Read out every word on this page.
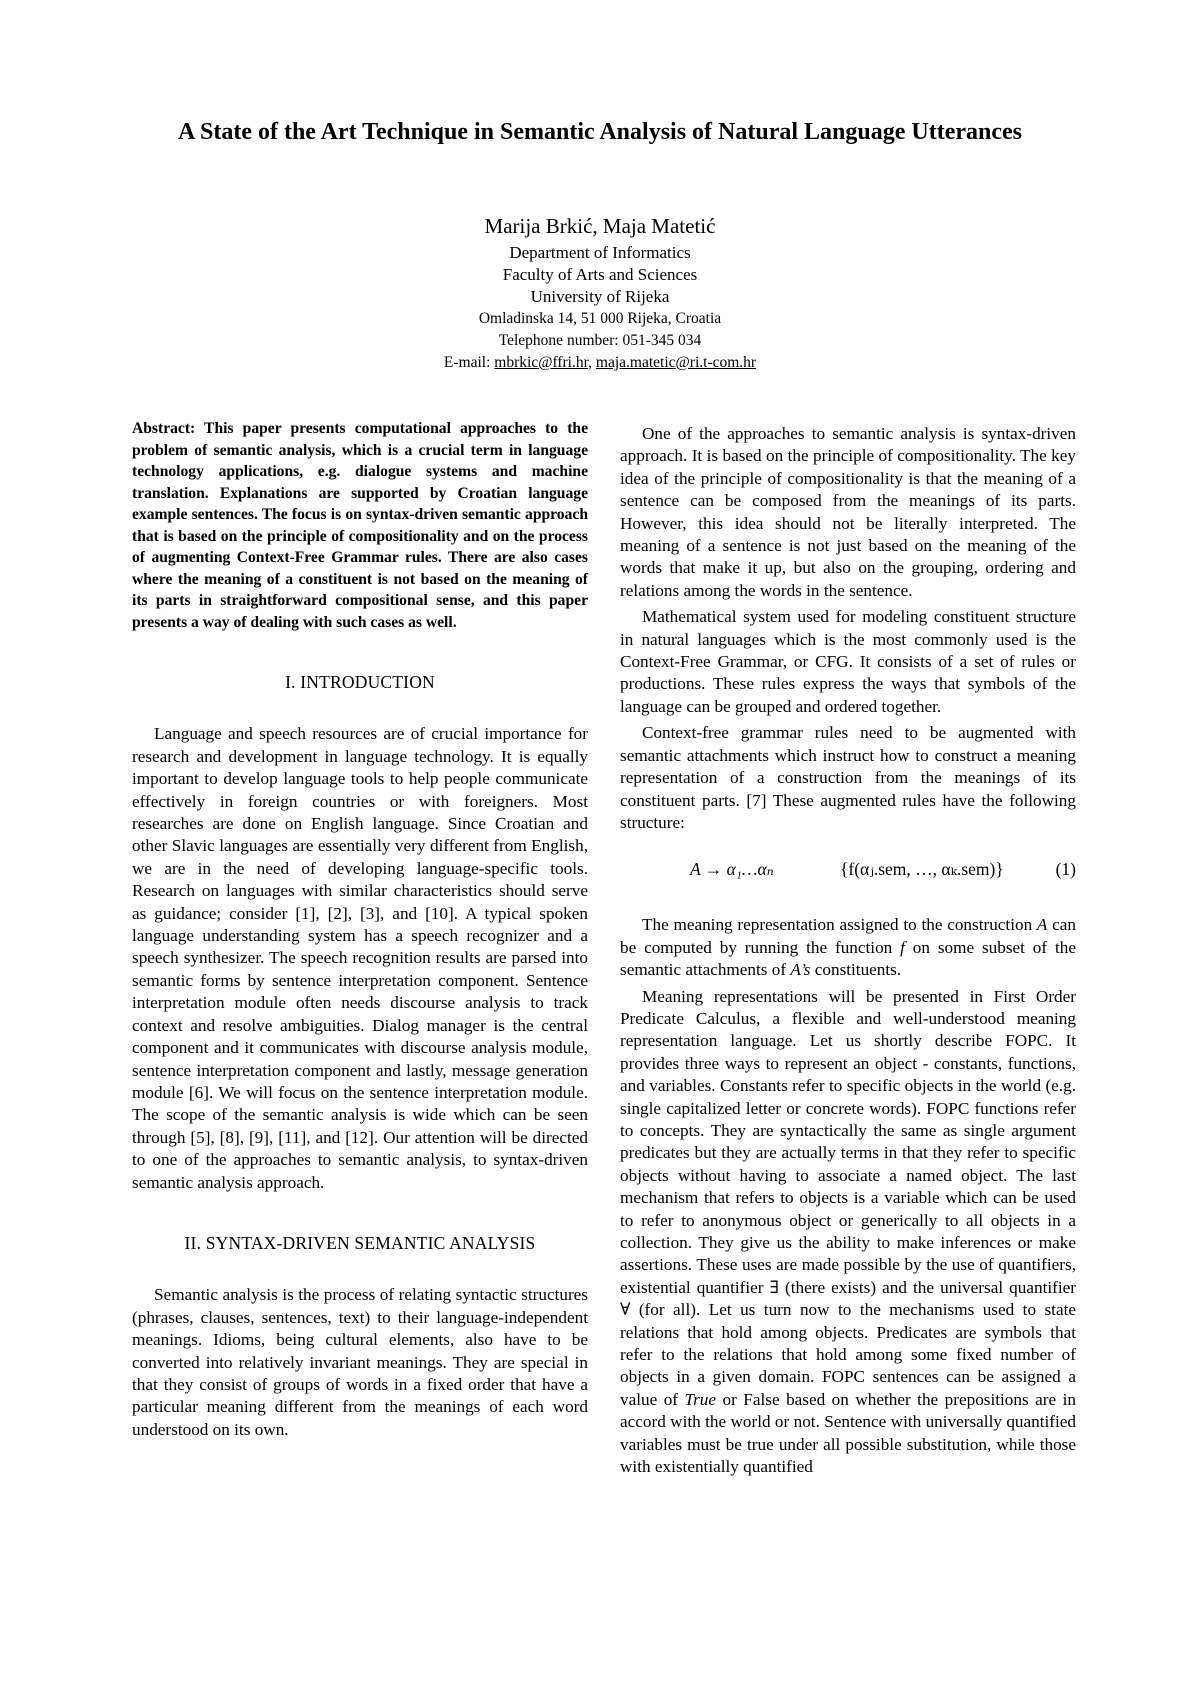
A State of the Art Technique in Semantic Analysis of Natural Language Utterances

Marija Brkić, Maja Matetić

Department of Informatics

Faculty of Arts and Sciences

University of Rijeka

Omladinska 14, 51 000 Rijeka, Croatia

Telephone number: 051-345 034

E-mail: mbrkic@ffri.hr, maja.matetic@ri.t-com.hr

Abstract: This paper presents computational approaches to the problem of semantic analysis, which is a crucial term in language technology applications, e.g. dialogue systems and machine translation. Explanations are supported by Croatian language example sentences. The focus is on syntax-driven semantic approach that is based on the principle of compositionality and on the process of augmenting Context-Free Grammar rules. There are also cases where the meaning of a constituent is not based on the meaning of its parts in straightforward compositional sense, and this paper presents a way of dealing with such cases as well.

I. INTRODUCTION

Language and speech resources are of crucial importance for research and development in language technology. It is equally important to develop language tools to help people communicate effectively in foreign countries or with foreigners. Most researches are done on English language. Since Croatian and other Slavic languages are essentially very different from English, we are in the need of developing language-specific tools. Research on languages with similar characteristics should serve as guidance; consider [1], [2], [3], and [10]. A typical spoken language understanding system has a speech recognizer and a speech synthesizer. The speech recognition results are parsed into semantic forms by sentence interpretation component. Sentence interpretation module often needs discourse analysis to track context and resolve ambiguities. Dialog manager is the central component and it communicates with discourse analysis module, sentence interpretation component and lastly, message generation module [6]. We will focus on the sentence interpretation module. The scope of the semantic analysis is wide which can be seen through [5], [8], [9], [11], and [12]. Our attention will be directed to one of the approaches to semantic analysis, to syntax-driven semantic analysis approach.

II. SYNTAX-DRIVEN SEMANTIC ANALYSIS

Semantic analysis is the process of relating syntactic structures (phrases, clauses, sentences, text) to their language-independent meanings. Idioms, being cultural elements, also have to be converted into relatively invariant meanings. They are special in that they consist of groups of words in a fixed order that have a particular meaning different from the meanings of each word understood on its own.

One of the approaches to semantic analysis is syntax-driven approach. It is based on the principle of compositionality. The key idea of the principle of compositionality is that the meaning of a sentence can be composed from the meanings of its parts. However, this idea should not be literally interpreted. The meaning of a sentence is not just based on the meaning of the words that make it up, but also on the grouping, ordering and relations among the words in the sentence.

Mathematical system used for modeling constituent structure in natural languages which is the most commonly used is the Context-Free Grammar, or CFG. It consists of a set of rules or productions. These rules express the ways that symbols of the language can be grouped and ordered together.

Context-free grammar rules need to be augmented with semantic attachments which instruct how to construct a meaning representation of a construction from the meanings of its constituent parts. [7] These augmented rules have the following structure:

A → α₁…αₙ	{f(αⱼ.sem, …, αₖ.sem)}	(1)

The meaning representation assigned to the construction A can be computed by running the function f on some subset of the semantic attachments of A’s constituents.

Meaning representations will be presented in First Order Predicate Calculus, a flexible and well-understood meaning representation language. Let us shortly describe FOPC. It provides three ways to represent an object - constants, functions, and variables. Constants refer to specific objects in the world (e.g. single capitalized letter or concrete words). FOPC functions refer to concepts. They are syntactically the same as single argument predicates but they are actually terms in that they refer to specific objects without having to associate a named object. The last mechanism that refers to objects is a variable which can be used to refer to anonymous object or generically to all objects in a collection. They give us the ability to make inferences or make assertions. These uses are made possible by the use of quantifiers, existential quantifier ∃ (there exists) and the universal quantifier ∀ (for all). Let us turn now to the mechanisms used to state relations that hold among objects. Predicates are symbols that refer to the relations that hold among some fixed number of objects in a given domain. FOPC sentences can be assigned a value of True or False based on whether the prepositions are in accord with the world or not. Sentence with universally quantified variables must be true under all possible substitution, while those with existentially quantified
